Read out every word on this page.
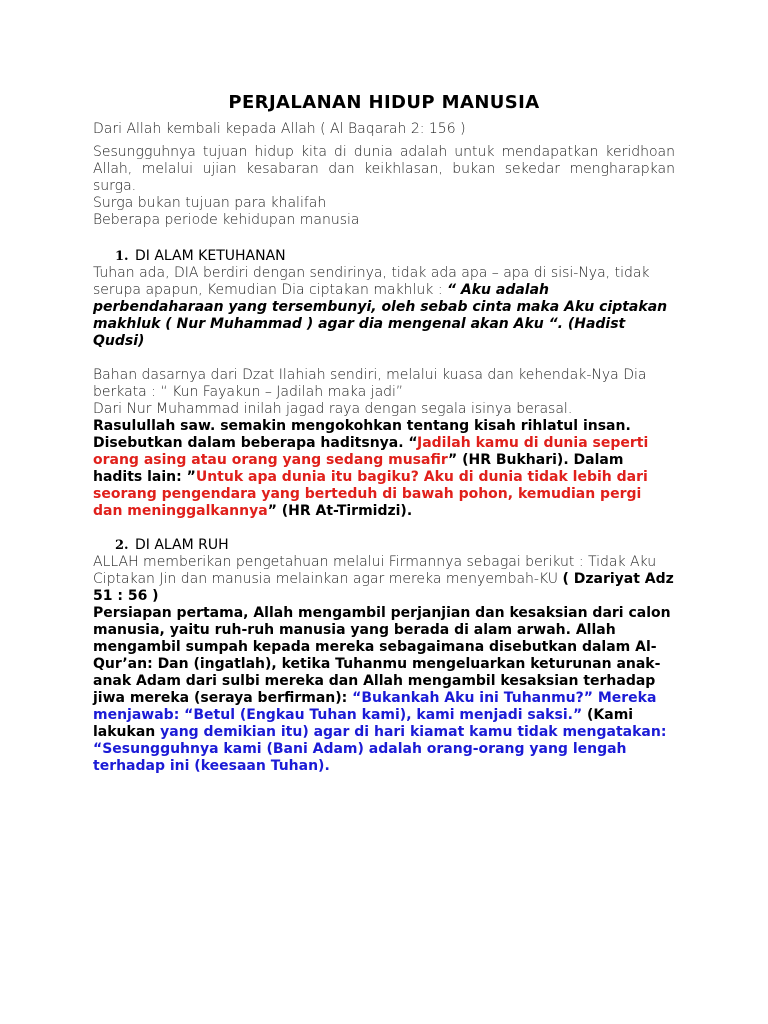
PERJALANAN HIDUP MANUSIA

Dari Allah kembali kepada Allah ( Al Baqarah 2: 156 )

Sesungguhnya tujuan hidup kita di dunia adalah untuk mendapatkan keridhoan Allah, melalui ujian kesabaran dan keikhlasan, bukan sekedar mengharapkan surga.

Surga bukan tujuan para khalifah

Beberapa periode kehidupan manusia

1. DI ALAM KETUHANAN

Tuhan ada, DIA berdiri dengan sendirinya, tidak ada apa – apa di sisi-Nya, tidak serupa apapun, Kemudian Dia ciptakan makhluk : “ Aku adalah perbendaharaan yang tersembunyi, oleh sebab cinta maka Aku ciptakan makhluk ( Nur Muhammad ) agar dia mengenal akan Aku “. (Hadist Qudsi)

Bahan dasarnya dari Dzat Ilahiah sendiri, melalui kuasa dan kehendak-Nya Dia berkata : “ Kun Fayakun – Jadilah maka jadi”

Dari Nur Muhammad inilah jagad raya dengan segala isinya berasal.

Rasulullah saw. semakin mengokohkan tentang kisah rihlatul insan. Disebutkan dalam beberapa haditsnya. “Jadilah kamu di dunia seperti orang asing atau orang yang sedang musafir” (HR Bukhari). Dalam hadits lain: ”Untuk apa dunia itu bagiku? Aku di dunia tidak lebih dari seorang pengendara yang berteduh di bawah pohon, kemudian pergi dan meninggalkannya” (HR At-Tirmidzi).

2. DI ALAM RUH

ALLAH memberikan pengetahuan melalui Firmannya sebagai berikut : Tidak Aku Ciptakan Jin dan manusia melainkan agar mereka menyembah-KU ( Dzariyat Adz 51 : 56 )

Persiapan pertama, Allah mengambil perjanjian dan kesaksian dari calon manusia, yaitu ruh-ruh manusia yang berada di alam arwah. Allah mengambil sumpah kepada mereka sebagaimana disebutkan dalam Al-Qur’an: Dan (ingatlah), ketika Tuhanmu mengeluarkan keturunan anak-anak Adam dari sulbi mereka dan Allah mengambil kesaksian terhadap jiwa mereka (seraya berfirman): “Bukankah Aku ini Tuhanmu?” Mereka menjawab: “Betul (Engkau Tuhan kami), kami menjadi saksi.” (Kami lakukan yang demikian itu) agar di hari kiamat kamu tidak mengatakan: “Sesungguhnya kami (Bani Adam) adalah orang-orang yang lengah terhadap ini (keesaan Tuhan).
